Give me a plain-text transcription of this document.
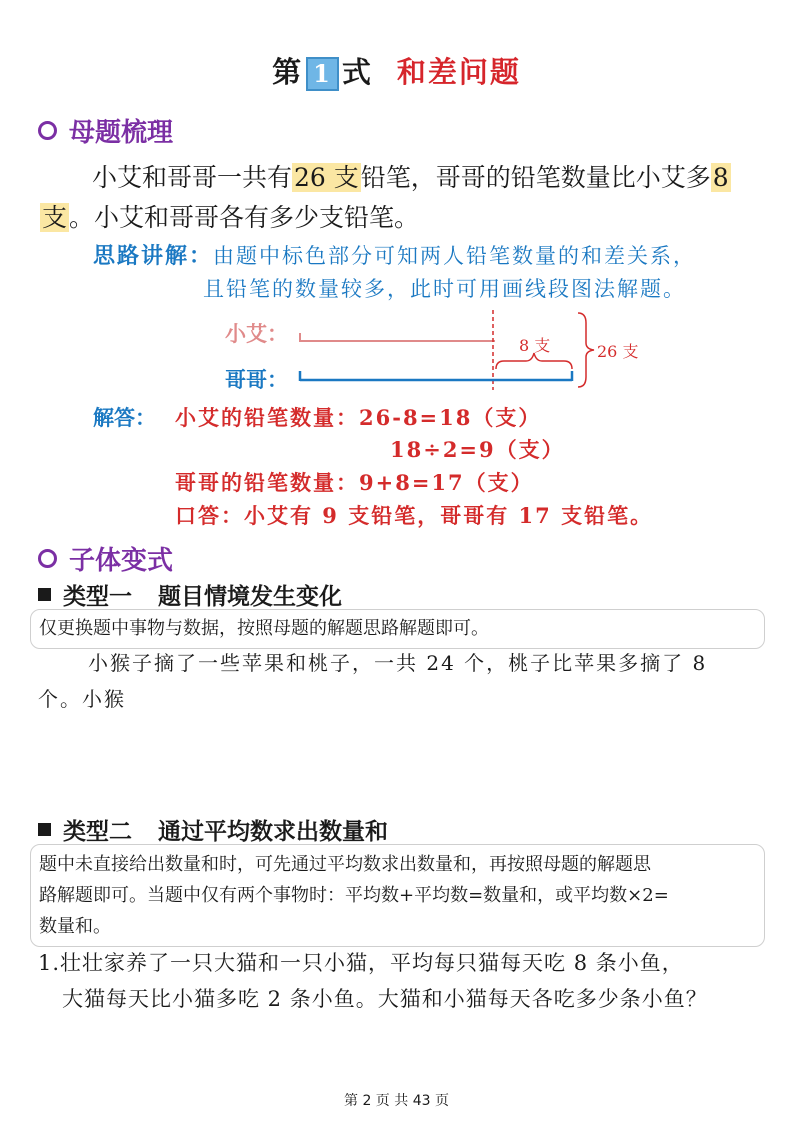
第 1 式 和差问题
母题梳理
小艾和哥哥一共有26 支铅笔，哥哥的铅笔数量比小艾多8
支。小艾和哥哥各有多少支铅笔。
思路讲解：由题中标色部分可知两人铅笔数量的和差关系，
且铅笔的数量较多，此时可用画线段图法解题。
小艾：
哥哥：
8 支	26 支
解答： 小艾的铅笔数量：26-8=18（支）
18÷2=9（支）
哥哥的铅笔数量：9+8=17（支）
口答：小艾有 9 支铅笔，哥哥有 17 支铅笔。
子体变式
类型一 题目情境发生变化
仅更换题中事物与数据，按照母题的解题思路解题即可。
小猴子摘了一些苹果和桃子，一共 24 个，桃子比苹果多摘了 8
个。小猴
类型二 通过平均数求出数量和
题中未直接给出数量和时，可先通过平均数求出数量和，再按照母题的解题思
路解题即可。当题中仅有两个事物时：平均数+平均数=数量和，或平均数×2=
数量和。
1.壮壮家养了一只大猫和一只小猫，平均每只猫每天吃 8 条小鱼，
大猫每天比小猫多吃 2 条小鱼。大猫和小猫每天各吃多少条小鱼？
第 2 页 共 43 页
